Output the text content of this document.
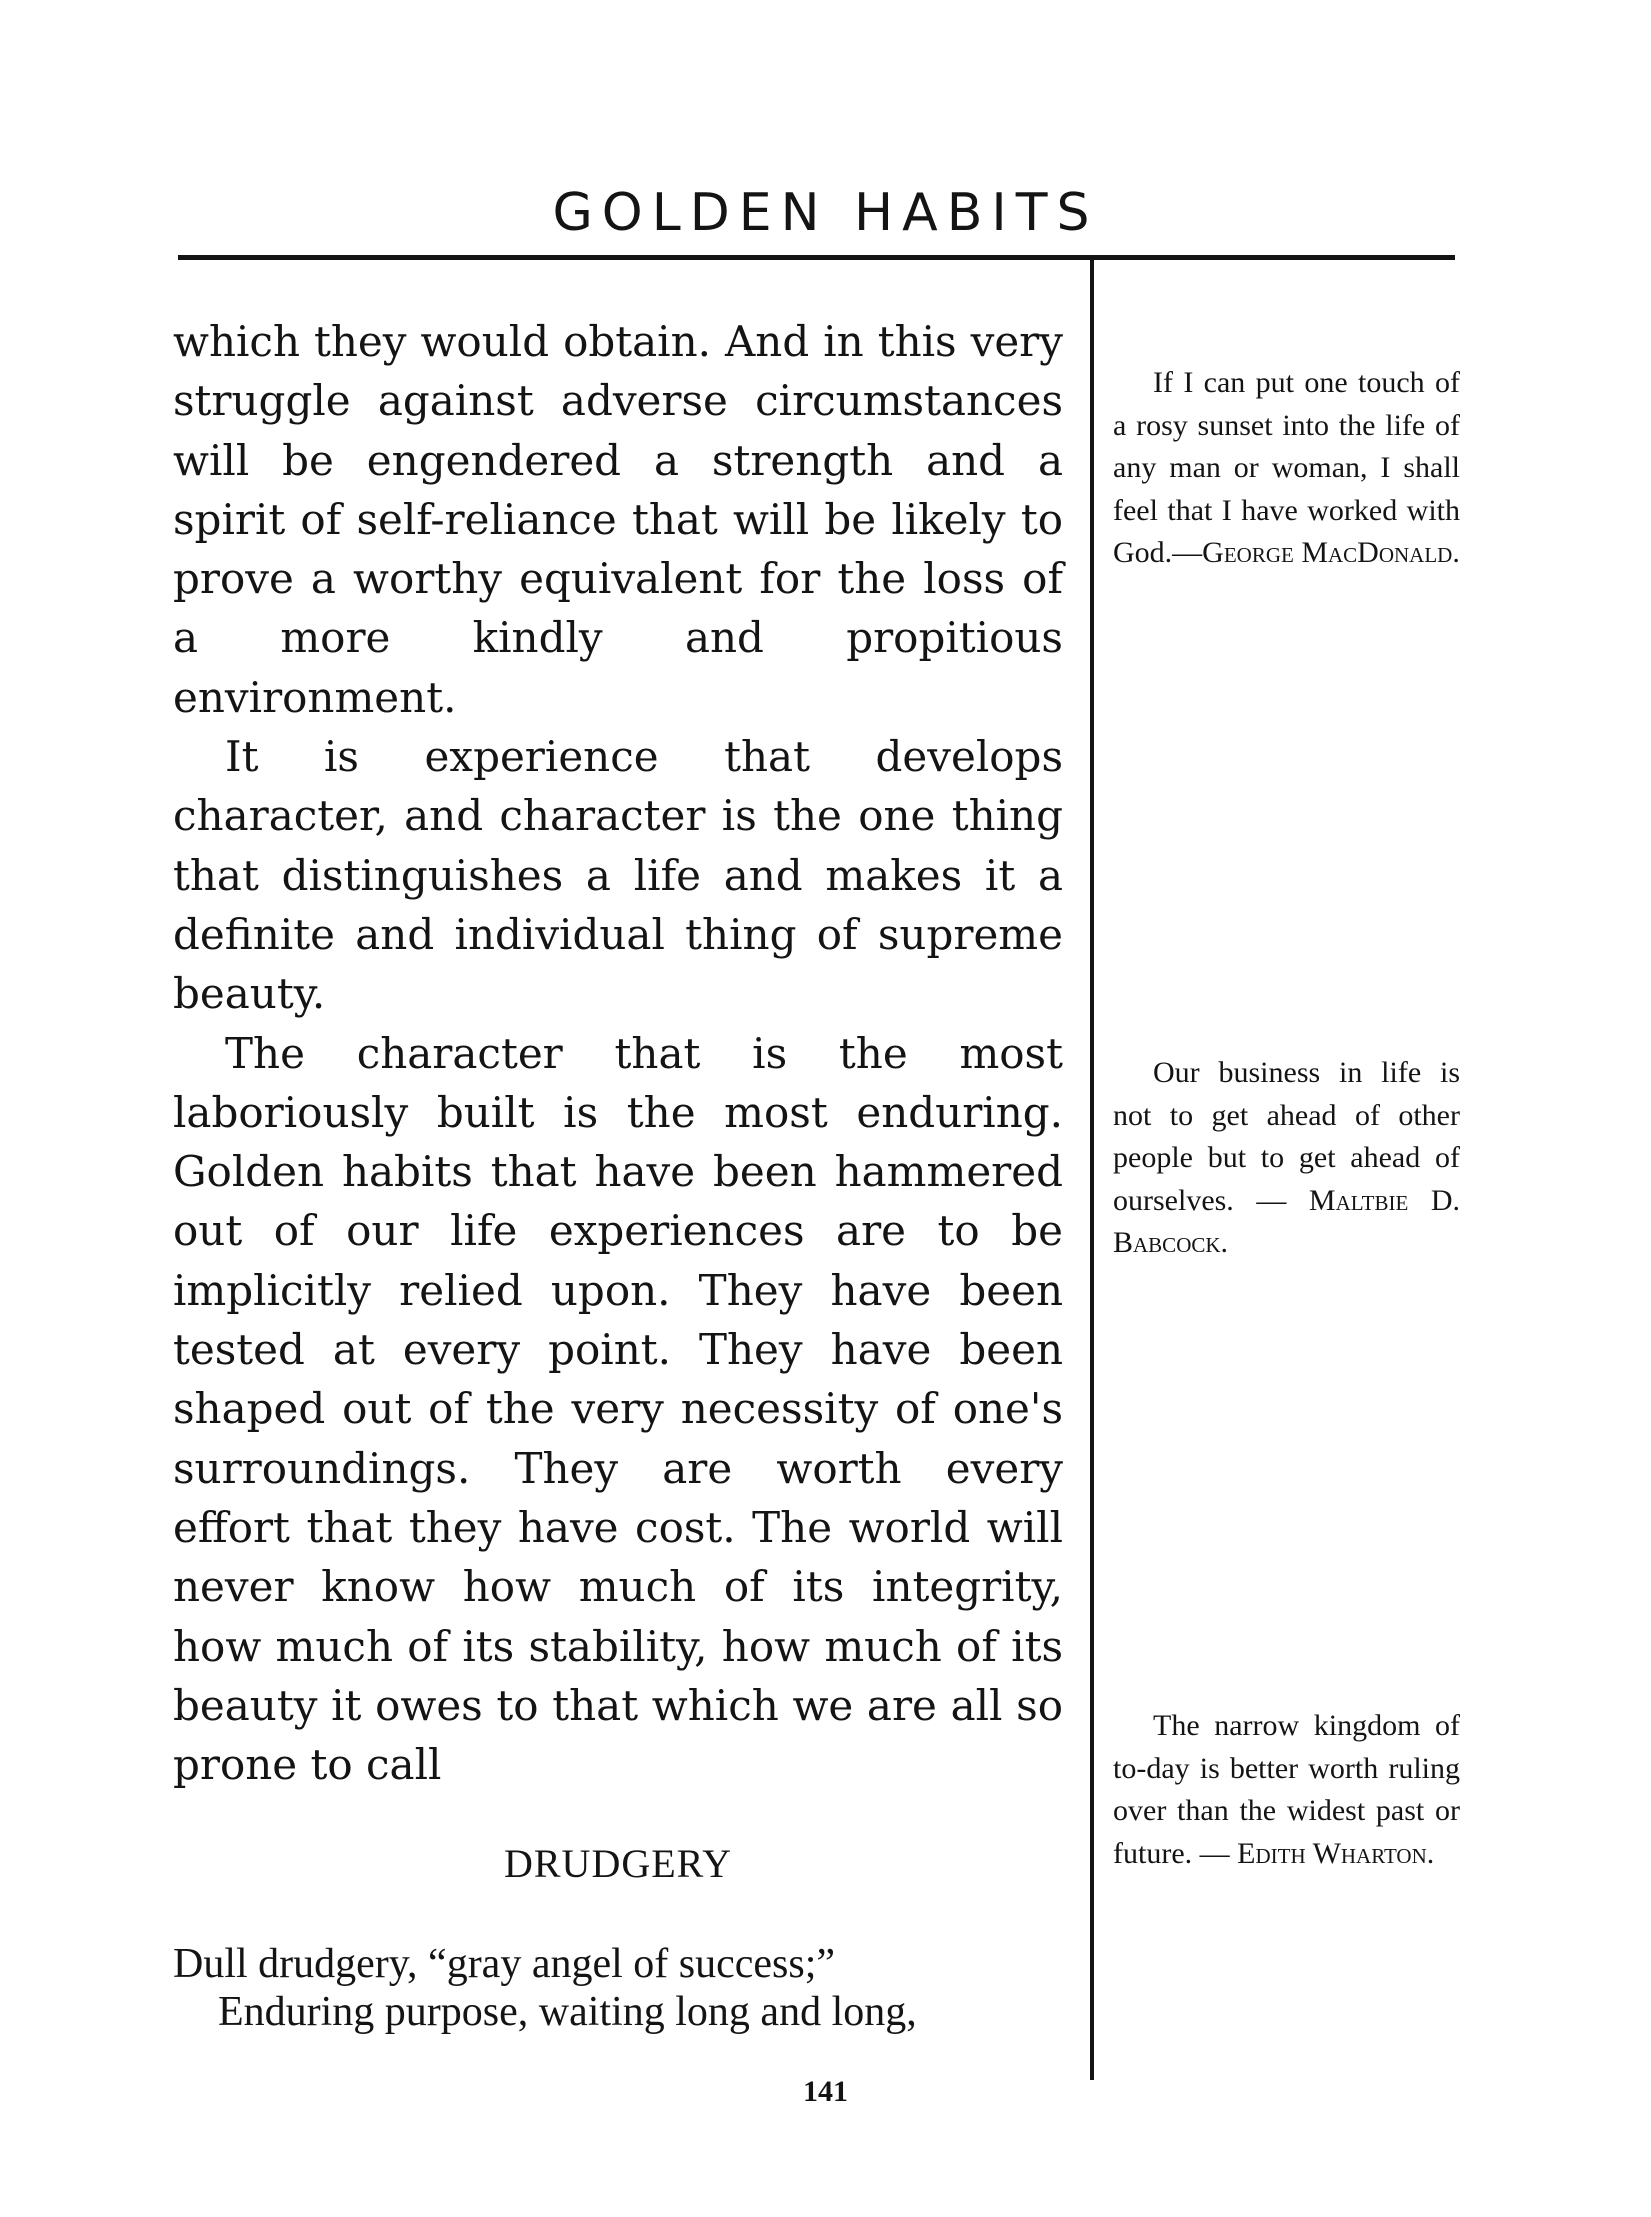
GOLDEN HABITS

which they would obtain. And in this very struggle against adverse circumstances will be engendered a strength and a spirit of self-reliance that will be likely to prove a worthy equivalent for the loss of a more kindly and propitious environment.

It is experience that develops character, and character is the one thing that distinguishes a life and makes it a definite and individual thing of supreme beauty.

The character that is the most laboriously built is the most enduring. Golden habits that have been hammered out of our life experiences are to be implicitly relied upon. They have been tested at every point. They have been shaped out of the very necessity of one's surroundings. They are worth every effort that they have cost. The world will never know how much of its integrity, how much of its stability, how much of its beauty it owes to that which we are all so prone to call

DRUDGERY
Dull drudgery, “gray angel of success;”
Enduring purpose, waiting long and long,
141
If I can put one touch of a rosy sunset into the life of any man or woman, I shall feel that I have worked with God.—George MacDonald.
Our business in life is not to get ahead of other people but to get ahead of ourselves. — Maltbie D. Babcock.
The narrow kingdom of to-day is better worth ruling over than the widest past or future. — Edith Wharton.
